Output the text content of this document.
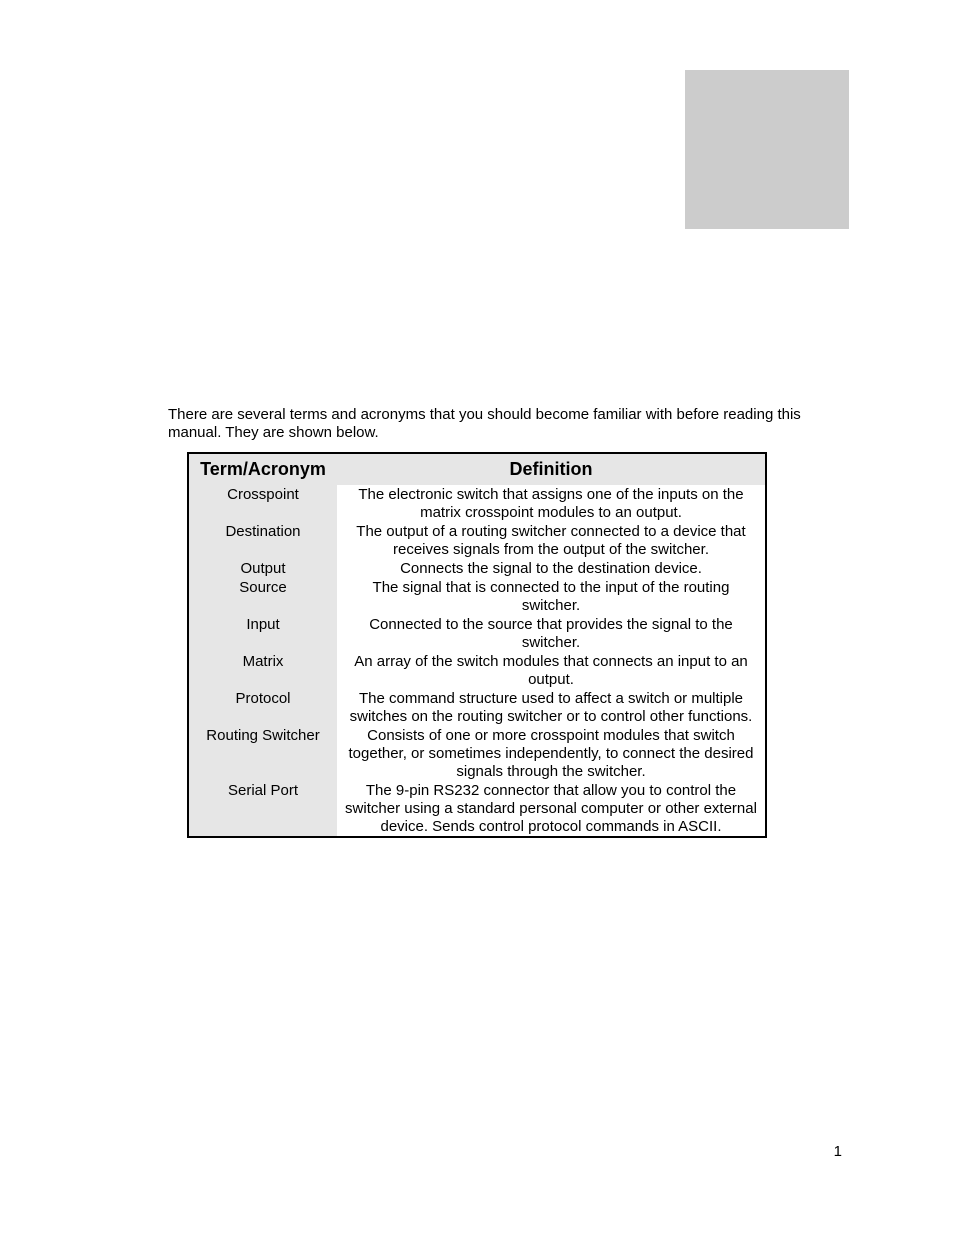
There are several terms and acronyms that you should become familiar with before reading this manual. They are shown below.

Term/Acronym	Definition
Crosspoint	The electronic switch that assigns one of the inputs on the matrix crosspoint modules to an output.
Destination	The output of a routing switcher connected to a device that receives signals from the output of the switcher.
Output	Connects the signal to the destination device.
Source	The signal that is connected to the input of the routing switcher.
Input	Connected to the source that provides the signal to the switcher.
Matrix	An array of the switch modules that connects an input to an output.
Protocol	The command structure used to affect a switch or multiple switches on the routing switcher or to control other functions.
Routing Switcher	Consists of one or more crosspoint modules that switch together, or sometimes independently, to connect the desired signals through the switcher.
Serial Port	The 9-pin RS232 connector that allow you to control the switcher using a standard personal computer or other external device. Sends control protocol commands in ASCII.
1
